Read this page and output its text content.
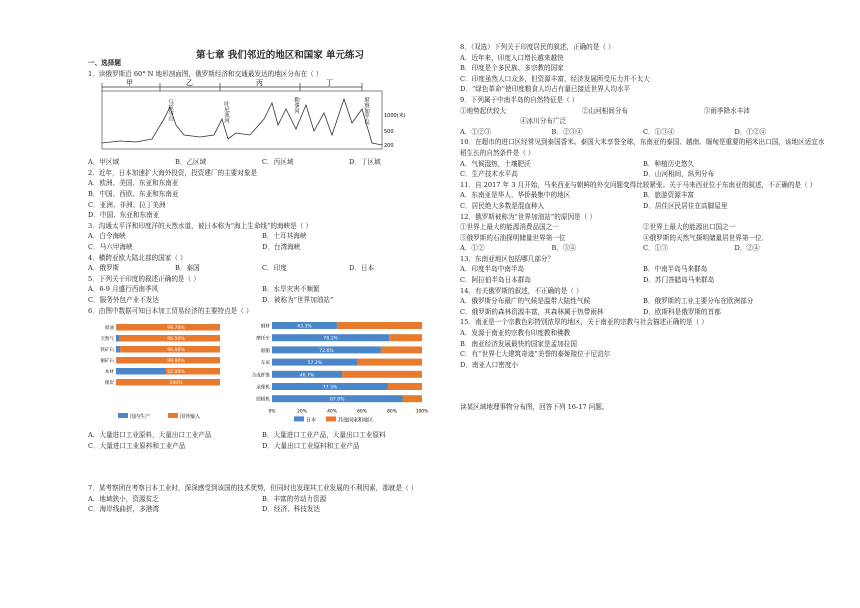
第七章 我们邻近的地区和国家 单元练习
一、选择题
1．读俄罗斯沿 60° N 地形剖面图，俄罗斯经济和交通最发达的地区分布在（ ）
甲	乙	丙	丁
乌拉尔山	叶尼塞河	勒拿河	堪察加半岛	1000(米)
500
200
A．甲区域	B．乙区域	C．丙区域	D．丁区域
2．近年，日本加速扩大海外投资，投资建厂的主要对象是
A．欧洲、美国、东亚和东南亚
B．中国、西欧、东亚和东南亚
C．亚洲、非洲、拉丁美洲
D．中国、东亚和东南亚
3．沟通太平洋和印度洋的天然水道，被日本称为“海上生命线”的海峡是（ ）
A．白令海峡	B．土耳其海峡
C．马六甲海峡	D．台湾海峡
4．横跨亚欧大陆北部的国家（ ）
A．俄罗斯	B．泰国	C．印度	D．日本
5．下列关于印度的叙述正确的是（ ）
A．6-9 月盛行西南季风	B．水旱灾害不频繁
C．服务外包产业不发达	D．被称为“世界加油站”
6．由图中数据可知日本加工贸易经济的主要特点是（ ）
原油	99.70%
天然气	96.50%
铁矿石	96.00%
铜矿石	99.80%
木材	52.00%
煤炭	100%
国内生产	国外输入
钢材	43.3%
摩托车	78.1%
船舶	72.6%
车床	57.2%
合成纤维	46.7%
录像机	77.3%
照相机	87.0%
0%	20%	40%	60%	80%	100%
日本	其他国家和地区
A．大量进口工业原料，大量出口工业产品	B．大量进口工业产品，大量出口工业原料
C．大量进口工业原料和工业产品	D．大量出口工业原料和工业产品
7．某考察团在考察日本工业时，深深感受到该国的技术优势，但同时也发现其工业发展的不利因素，那就是（ ）
A．地域狭小，资源贫乏	B．丰富的劳动力资源
C．海岸线曲折，多港湾	D．经济、科技发达
8．（双选）下列关于印度居民的叙述，正确的是（ ）
A．近年来，印度人口增长越来越快
B．印度是个多民族、多宗教的国家
C．印度虽然人口众多，但资源丰富，经济发展所受压力并不太大
D．“绿色革命”使印度粮食人均占有量已接近世界人均水平
9．下列属于中南半岛的自然特征是（ ）
①地势起伏较大	②山河相间分布	③雨季降水丰沛
④冰川分布广泛
A．①②③	B．②③④	C．①③④	D．①②④
10．在超市的进口区经常见到泰国香米。泰国大米享誉全球，东南亚的泰国、越南、缅甸是重要的稻米出口国，该地区适宜水稻生长的自然条件是（ ）
A．气候湿热，土壤肥沃	B．种植历史悠久
C．生产技术水平高	D．山河相间，纵列分布
11．自 2017 年 3 月开始，马来西亚与朝鲜的外交问题变得比较紧张。关于马来西亚位于东南亚的叙述，不正确的是（ ）
A．东南亚是华人、华侨最集中的地区	B．旅游资源丰富
C．居民绝大多数是混血种人	D．居住区民居住在高脚屋里
12．俄罗斯被称为“世界加油站”的原因是（ ）
①世界上最大的能源消费品国之一	②世界上最大的能源出口国之一
③俄罗斯的石油探明储量世界第一位	④俄罗斯的天然气探明储量居世界第一位．
A．①②	B．③④	C．①③	D．②④
13．东南亚地区包括哪几部分？
A．印度半岛中南半岛	B．中南半岛马来群岛
C．阿拉伯半岛日本群岛	D．苏门答腊岛马来群岛
14．有关俄罗斯的叙述，不正确的是（ ）
A．俄罗斯分布最广的气候是温带大陆性气候	B．俄罗斯的工业主要分布在欧洲部分
C．俄罗斯的森林资源丰富，其森林属于热带雨林	D．欧斯科是俄罗斯的首都
15．南亚是一个宗教色彩特别浓厚的地区，关于南亚的宗教与社会描述正确的是（ ）
A．发源于南亚的宗教有印度教和佛教
B．南亚经济发展最快的国家是孟加拉国
C．有“世界七大建筑奇迹”美誉的泰姬陵位于尼泊尔
D．南亚人口密度小
读某区域地理事物分布图，回答下列 16-17 问题。
